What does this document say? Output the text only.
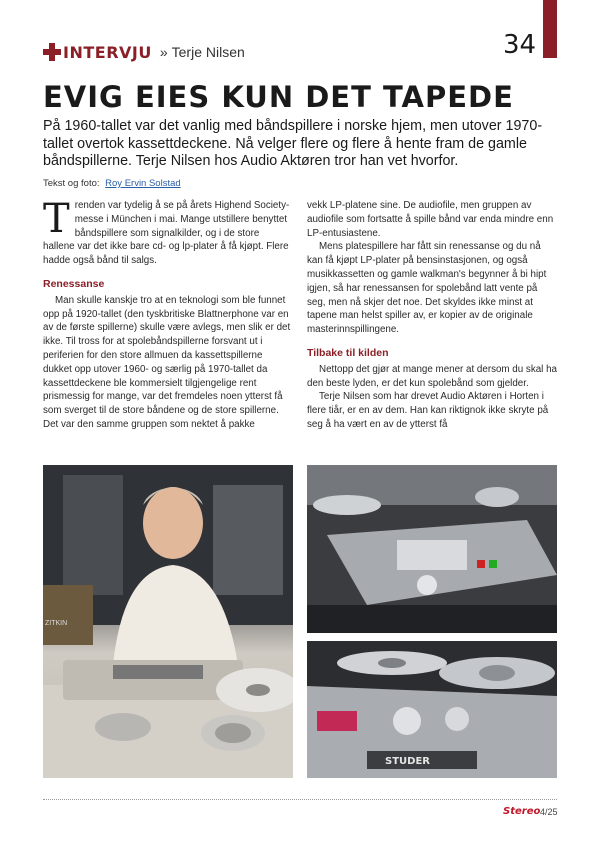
INTERVJU » Terje Nilsen	34
EVIG EIES KUN DET TAPEDE

På 1960-tallet var det vanlig med båndspillere i norske hjem, men utover 1970-tallet overtok kassettdeckene. Nå velger flere og flere å hente fram de gamle båndspillerne. Terje Nilsen hos Audio Aktøren tror han vet hvorfor.

Tekst og foto: Roy Ervin Solstad

Trenden var tydelig å se på årets Highend Society-messe i München i mai. Mange utstillere benyttet båndspillere som signalkilder, og i de store hallene var det ikke bare cd- og lp-plater å få kjøpt. Flere hadde også bånd til salgs.

Renessanse

Man skulle kanskje tro at en teknologi som ble funnet opp på 1920-tallet (den tyskbritiske Blattnerphone var en av de første spillerne) skulle være avlegs, men slik er det ikke. Til tross for at spolebåndspillerne forsvant ut i periferien for den store allmuen da kassettspillerne dukket opp utover 1960- og særlig på 1970-tallet da kassettdeckene ble kommersielt tilgjengelige rent prismessig for mange, var det fremdeles noen ytterst få som sverget til de store båndene og de store spillerne. Det var den samme gruppen som nektet å pakke

vekk LP-platene sine. De audiofile, men gruppen av audiofile som fortsatte å spille bånd var enda mindre enn LP-entusiastene.

Mens platespillere har fått sin renessanse og du nå kan få kjøpt LP-plater på bensinstasjonen, og også musikkassetten og gamle walkman's begynner å bi hipt igjen, så har renessansen for spolebånd latt vente på seg, men nå skjer det noe. Det skyldes ikke minst at tapene man helst spiller av, er kopier av de originale masterinnspillingene.

Tilbake til kilden

Nettopp det gjør at mange mener at dersom du skal ha den beste lyden, er det kun spolebånd som gjelder.

Terje Nilsen som har drevet Audio Aktøren i Horten i flere tiår, er en av dem. Han kan riktignok ikke skryte på seg å ha vært en av de ytterst få

ZITKIN
STUDER
Stereo 4/25
